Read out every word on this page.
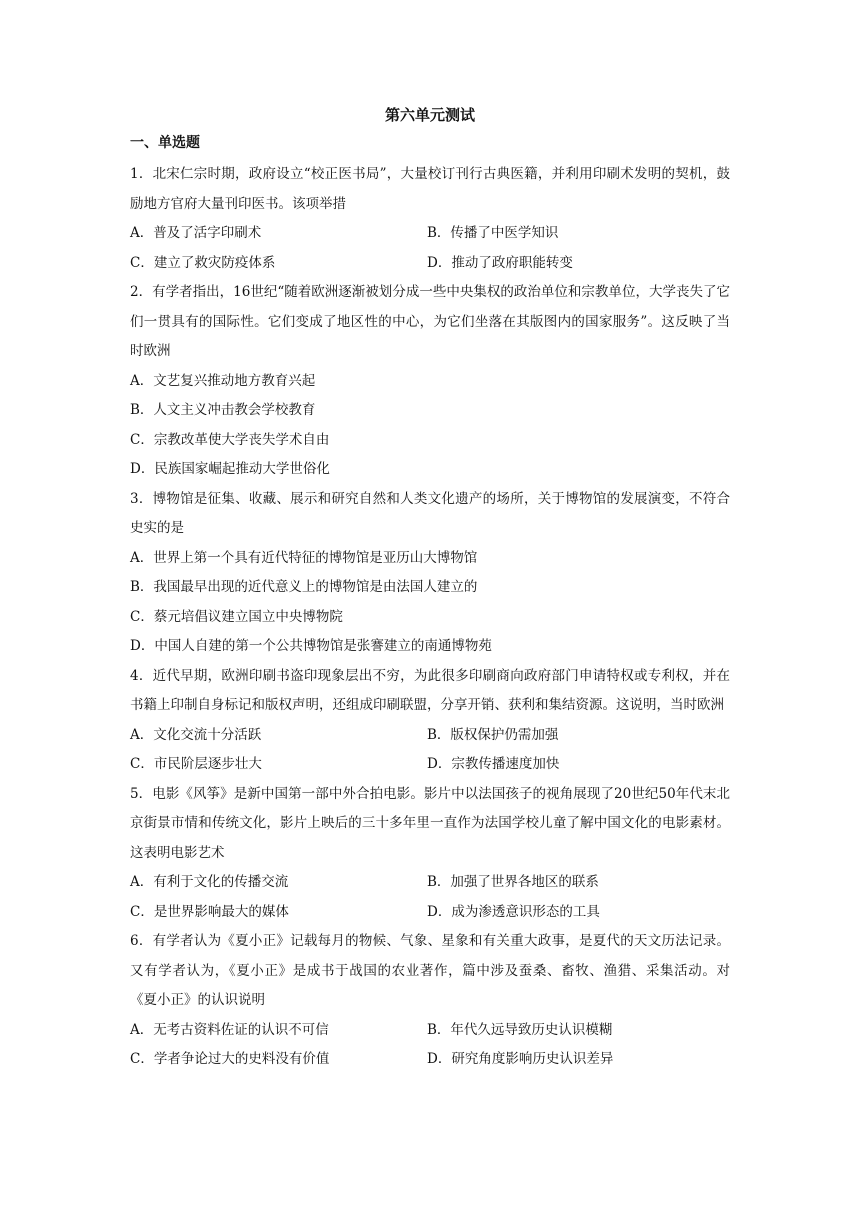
第六单元测试
一、单选题

1．北宋仁宗时期，政府设立“校正医书局”，大量校订刊行古典医籍，并利用印刷术发明的契机，鼓励地方官府大量刊印医书。该项举措

A．普及了活字印刷术	B．传播了中医学知识
C．建立了救灾防疫体系	D．推动了政府职能转变

2．有学者指出，16世纪“随着欧洲逐渐被划分成一些中央集权的政治单位和宗教单位，大学丧失了它们一贯具有的国际性。它们变成了地区性的中心，为它们坐落在其版图内的国家服务”。这反映了当时欧洲

A．文艺复兴推动地方教育兴起

B．人文主义冲击教会学校教育

C．宗教改革使大学丧失学术自由

D．民族国家崛起推动大学世俗化

3．博物馆是征集、收藏、展示和研究自然和人类文化遗产的场所，关于博物馆的发展演变，不符合史实的是

A．世界上第一个具有近代特征的博物馆是亚历山大博物馆

B．我国最早出现的近代意义上的博物馆是由法国人建立的

C．蔡元培倡议建立国立中央博物院

D．中国人自建的第一个公共博物馆是张謇建立的南通博物苑

4．近代早期，欧洲印刷书盗印现象层出不穷，为此很多印刷商向政府部门申请特权或专利权，并在书籍上印制自身标记和版权声明，还组成印刷联盟，分享开销、获利和集结资源。这说明，当时欧洲

A．文化交流十分活跃	B．版权保护仍需加强
C．市民阶层逐步壮大	D．宗教传播速度加快

5．电影《风筝》是新中国第一部中外合拍电影。影片中以法国孩子的视角展现了20世纪50年代末北京街景市情和传统文化，影片上映后的三十多年里一直作为法国学校儿童了解中国文化的电影素材。这表明电影艺术

A．有利于文化的传播交流	B．加强了世界各地区的联系
C．是世界影响最大的媒体	D．成为渗透意识形态的工具

6．有学者认为《夏小正》记载每月的物候、气象、星象和有关重大政事，是夏代的天文历法记录。又有学者认为，《夏小正》是成书于战国的农业著作，篇中涉及蚕桑、畜牧、渔猎、采集活动。对《夏小正》的认识说明

A．无考古资料佐证的认识不可信	B．年代久远导致历史认识模糊
C．学者争论过大的史料没有价值	D．研究角度影响历史认识差异
